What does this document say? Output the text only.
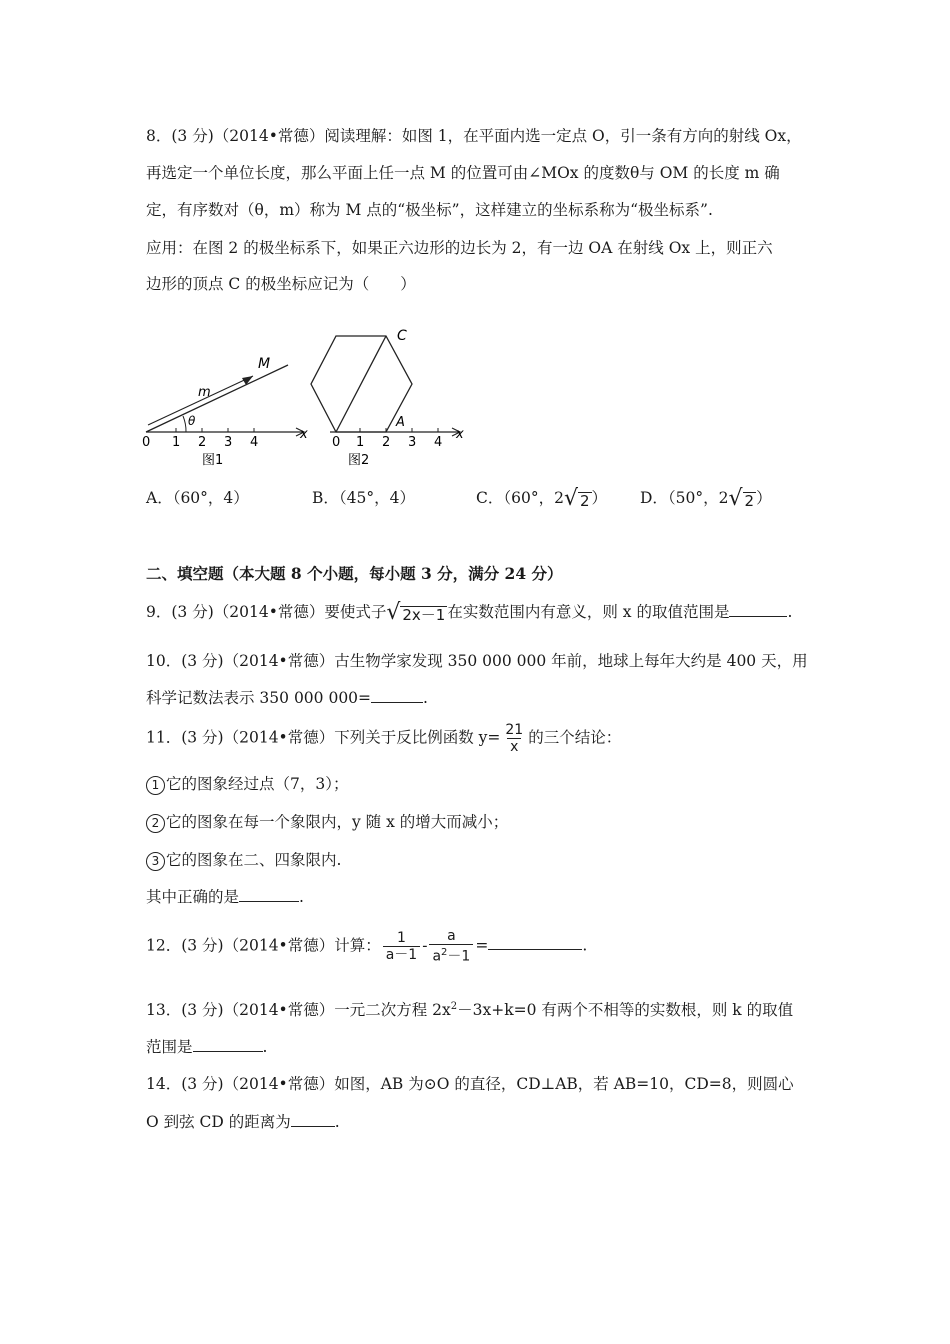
8．(3 分)（2014•常德）阅读理解：如图 1，在平面内选一定点 O，引一条有方向的射线 Ox，
再选定一个单位长度，那么平面上任一点 M 的位置可由∠MOx 的度数θ与 OM 的长度 m 确
定，有序数对（θ，m）称为 M 点的“极坐标”，这样建立的坐标系称为“极坐标系”.
应用：在图 2 的极坐标系下，如果正六边形的边长为 2，有一边 OA 在射线 Ox 上，则正六
边形的顶点 C 的极坐标应记为（　　）
M
m
θ
x
0 1 2 3 4
图1
C
A
x
0 1 2 3 4
图2
A．（60°，4）	B．（45°，4）	C．（60°，2 √ 2 ） D．（50°，2 √ 2 ）
二、填空题（本大题 8 个小题，每小题 3 分，满分 24 分）
9．(3 分)（2014•常德）要使式子 √ 2x－1 在实数范围内有意义，则 x 的取值范围是	.
10．(3 分)（2014•常德）古生物学家发现 350 000 000 年前，地球上每年大约是 400 天，用
科学记数法表示 350 000 000=	.
11．(3 分)（2014•常德）下列关于反比例函数 $y= \frac{21}{x}$ 的三个结论：
1 它的图象经过点（7，3）；
2 它的图象在每一个象限内，y 随 x 的增大而减小；
3 它的图象在二、四象限内.
其中正确的是	.
12．(3 分)（2014•常德）计算： $\frac{1}{a-1} - \frac{a}{a^2-1}$ =	.
13．(3 分)（2014•常德）一元二次方程 $2x^2-3x+k=0$ 有两个不相等的实数根，则 k 的取值
范围是	.
14．(3 分)（2014•常德）如图，AB 为⊙O 的直径，CD⊥AB，若 AB=10，CD=8，则圆心
O 到弦 CD 的距离为	.
